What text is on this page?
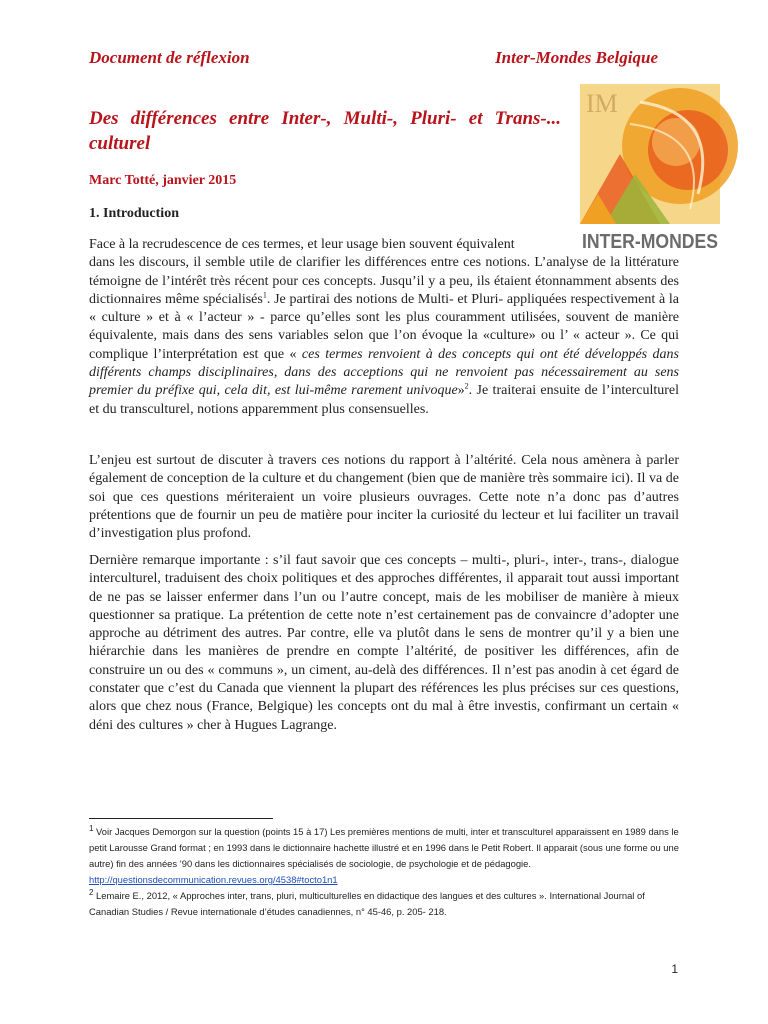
Document de réflexion	Inter-Mondes Belgique
Des différences entre Inter-, Multi-, Pluri- et Trans-... culturel
Marc Totté, janvier 2015
1. Introduction
IM
INTER-MONDES
Face à la recrudescence de ces termes, et leur usage bien souvent équivalent
dans les discours, il semble utile de clarifier les différences entre ces notions. L’analyse de la littérature témoigne de l’intérêt très récent pour ces concepts. Jusqu’il y a peu, ils étaient étonnamment absents des dictionnaires même spécialisés$^1$. Je partirai des notions de Multi- et Pluri- appliquées respectivement à la « culture » et à « l’acteur » - parce qu’elles sont les plus couramment utilisées, souvent de manière équivalente, mais dans des sens variables selon que l’on évoque la «culture» ou l’ « acteur ». Ce qui complique l’interprétation est que « ces termes renvoient à des concepts qui ont été développés dans différents champs disciplinaires, dans des acceptions qui ne renvoient pas nécessairement au sens premier du préfixe qui, cela dit, est lui-même rarement univoque»$^2$. Je traiterai ensuite de l’interculturel et du transculturel, notions apparemment plus consensuelles.
L’enjeu est surtout de discuter à travers ces notions du rapport à l’altérité. Cela nous amènera à parler également de conception de la culture et du changement (bien que de manière très sommaire ici). Il va de soi que ces questions mériteraient un voire plusieurs ouvrages. Cette note n’a donc pas d’autres prétentions que de fournir un peu de matière pour inciter la curiosité du lecteur et lui faciliter un travail d’investigation plus profond.
Dernière remarque importante : s’il faut savoir que ces concepts – multi-, pluri-, inter-, trans-, dialogue interculturel, traduisent des choix politiques et des approches différentes, il apparait tout aussi important de ne pas se laisser enfermer dans l’un ou l’autre concept, mais de les mobiliser de manière à mieux questionner sa pratique. La prétention de cette note n’est certainement pas de convaincre d’adopter une approche au détriment des autres. Par contre, elle va plutôt dans le sens de montrer qu’il y a bien une hiérarchie dans les manières de prendre en compte l’altérité, de positiver les différences, afin de construire un ou des « communs », un ciment, au-delà des différences. Il n’est pas anodin à cet égard de constater que c’est du Canada que viennent la plupart des références les plus précises sur ces questions, alors que chez nous (France, Belgique) les concepts ont du mal à être investis, confirmant un certain « déni des cultures » cher à Hugues Lagrange.
$^1$ Voir Jacques Demorgon sur la question (points 15 à 17) Les premières mentions de multi, inter et transculturel apparaissent en 1989 dans le petit Larousse Grand format ; en 1993 dans le dictionnaire hachette illustré et en 1996 dans le Petit Robert. Il apparait (sous une forme ou une autre) fin des années ’90 dans les dictionnaires spécialisés de sociologie, de psychologie et de pédagogie. http://questionsdecommunication.revues.org/4538#tocto1n1
$^2$ Lemaire E., 2012, « Approches inter, trans, pluri, multiculturelles en didactique des langues et des cultures ». International Journal of Canadian Studies / Revue internationale d’études canadiennes, n° 45-46, p. 205- 218.
1
